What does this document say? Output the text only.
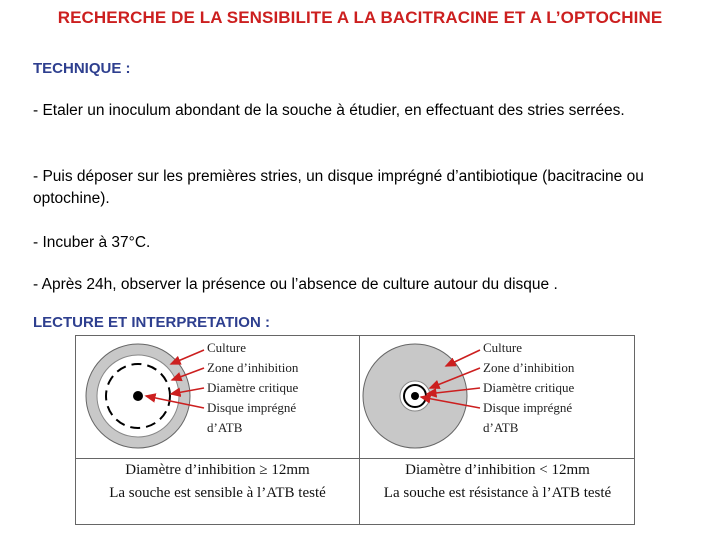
RECHERCHE DE LA SENSIBILITE A LA BACITRACINE ET A L’OPTOCHINE
TECHNIQUE :
- Etaler un inoculum abondant de la souche à étudier, en effectuant des stries serrées.
- Puis déposer sur les premières stries, un disque imprégné d’antibiotique (bacitracine ou optochine).
- Incuber à 37°C.
- Après 24h, observer la présence ou l’absence de culture autour du disque .
LECTURE ET INTERPRETATION :
Culture
Zone d’inhibition
Diamètre critique
Disque imprégné
d’ATB
Culture
Zone d’inhibition
Diamètre critique
Disque imprégné
d’ATB
Diamètre d’inhibition ≥ 12mm
La souche est sensible à l’ATB testé
Diamètre d’inhibition < 12mm
La souche est résistance à l’ATB testé
